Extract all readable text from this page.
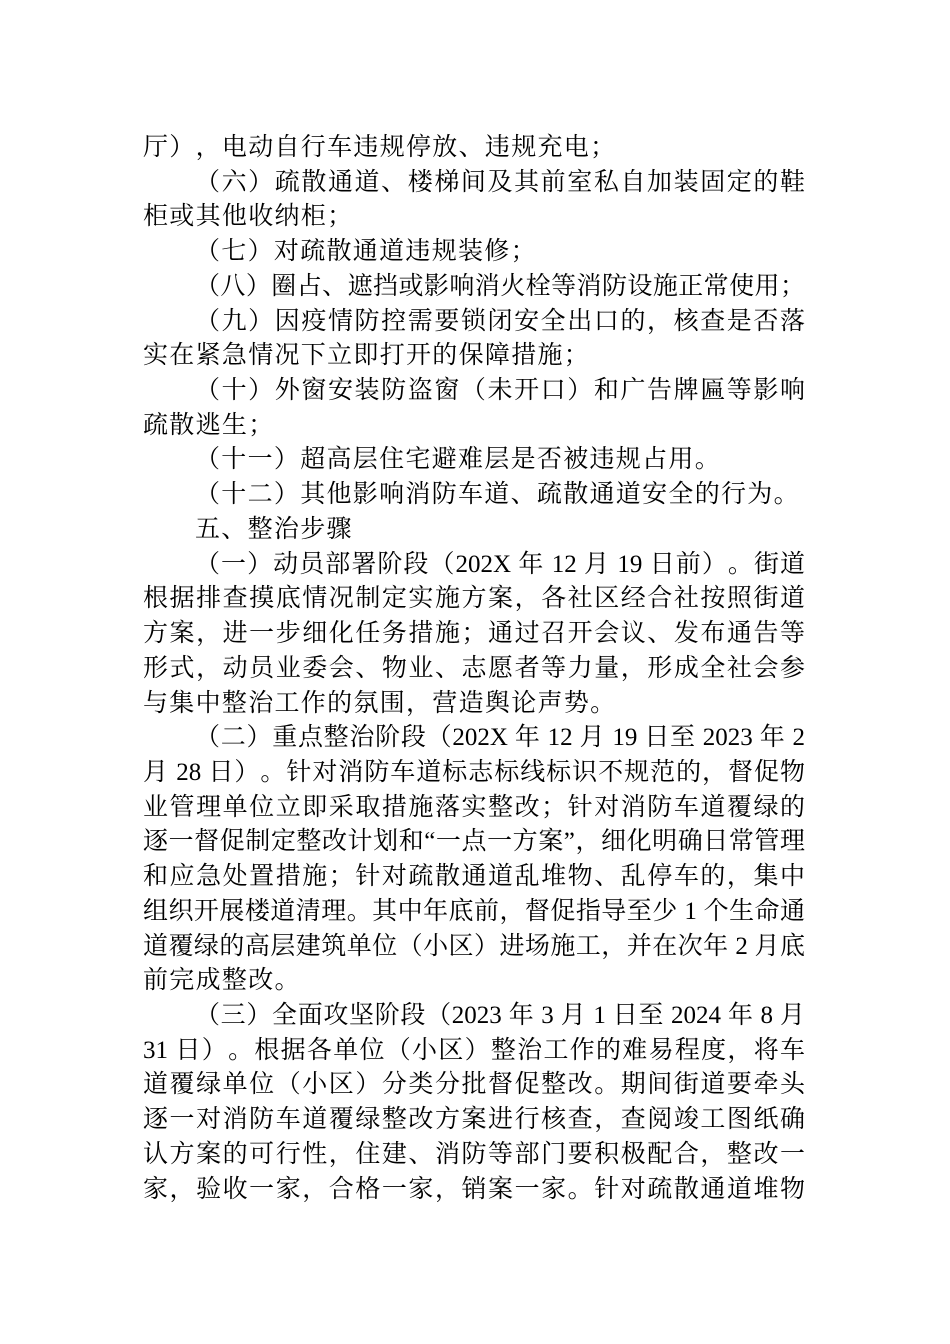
厅），电动自行车违规停放、违规充电；
（六）疏散通道、楼梯间及其前室私自加装固定的鞋
柜或其他收纳柜；
（七）对疏散通道违规装修；
（八）圈占、遮挡或影响消火栓等消防设施正常使用；
（九）因疫情防控需要锁闭安全出口的，核查是否落
实在紧急情况下立即打开的保障措施；
（十）外窗安装防盗窗（未开口）和广告牌匾等影响
疏散逃生；
（十一）超高层住宅避难层是否被违规占用。
（十二）其他影响消防车道、疏散通道安全的行为。
五、整治步骤
（一）动员部署阶段（202X 年 12 月 19 日前）。街道
根据排查摸底情况制定实施方案，各社区经合社按照街道
方案，进一步细化任务措施；通过召开会议、发布通告等
形式，动员业委会、物业、志愿者等力量，形成全社会参
与集中整治工作的氛围，营造舆论声势。
（二）重点整治阶段（202X 年 12 月 19 日至 2023 年 2
月 28 日）。针对消防车道标志标线标识不规范的，督促物
业管理单位立即采取措施落实整改；针对消防车道覆绿的
逐一督促制定整改计划和“一点一方案”，细化明确日常管理
和应急处置措施；针对疏散通道乱堆物、乱停车的，集中
组织开展楼道清理。其中年底前，督促指导至少 1 个生命通
道覆绿的高层建筑单位（小区）进场施工，并在次年 2 月底
前完成整改。
（三）全面攻坚阶段（2023 年 3 月 1 日至 2024 年 8 月
31 日）。根据各单位（小区）整治工作的难易程度，将车
道覆绿单位（小区）分类分批督促整改。期间街道要牵头
逐一对消防车道覆绿整改方案进行核查，查阅竣工图纸确
认方案的可行性，住建、消防等部门要积极配合，整改一
家，验收一家，合格一家，销案一家。针对疏散通道堆物
